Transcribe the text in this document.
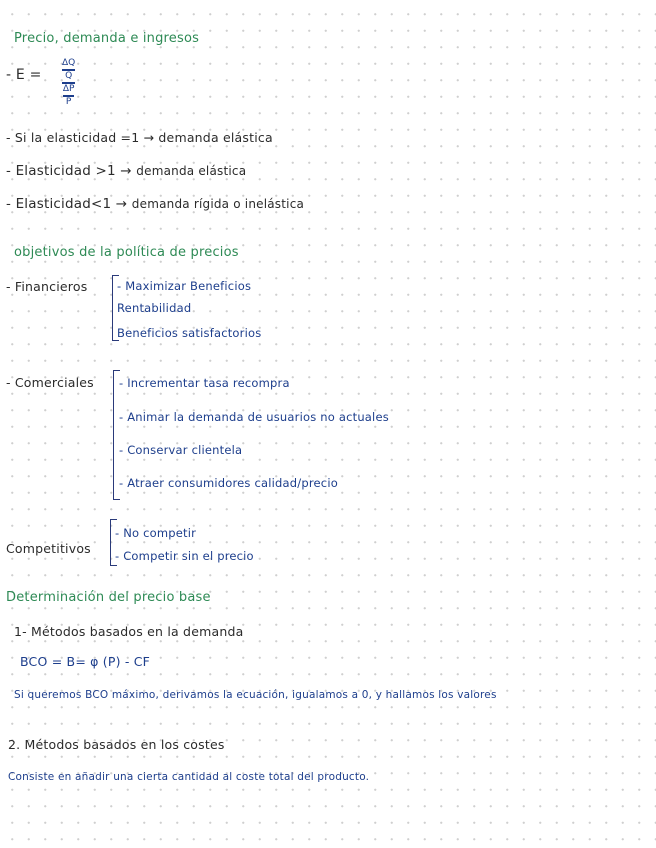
Precio, demanda e ingresos
- $E = \frac{\Delta Q}{Q}$
$\frac{\Delta P}{P}$
- Si la elasticidad =1 → demanda elástica
- Elasticidad >1 → demanda elástica
- Elasticidad<1 → demanda rígida o inelástica
objetivos de la política de precios
- Financieros	- Maximizar Beneficios
Rentabilidad
Beneficios satisfactorios
- Comerciales - Incrementar tasa recompra
- Animar la demanda de usuarios no actuales
- Conservar clientela
- Atraer consumidores calidad/precio
Competitivos
- No competir
- Competir sin el precio
Determinación del precio base
1- Métodos basados en la demanda
BCO = B= φ (P) - CF
Si queremos BCO máximo, derivamos la ecuación, igualamos a 0, y hallamos los valores
2. Métodos basados en los costes
Consiste en añadir una cierta cantidad al coste total del producto.
